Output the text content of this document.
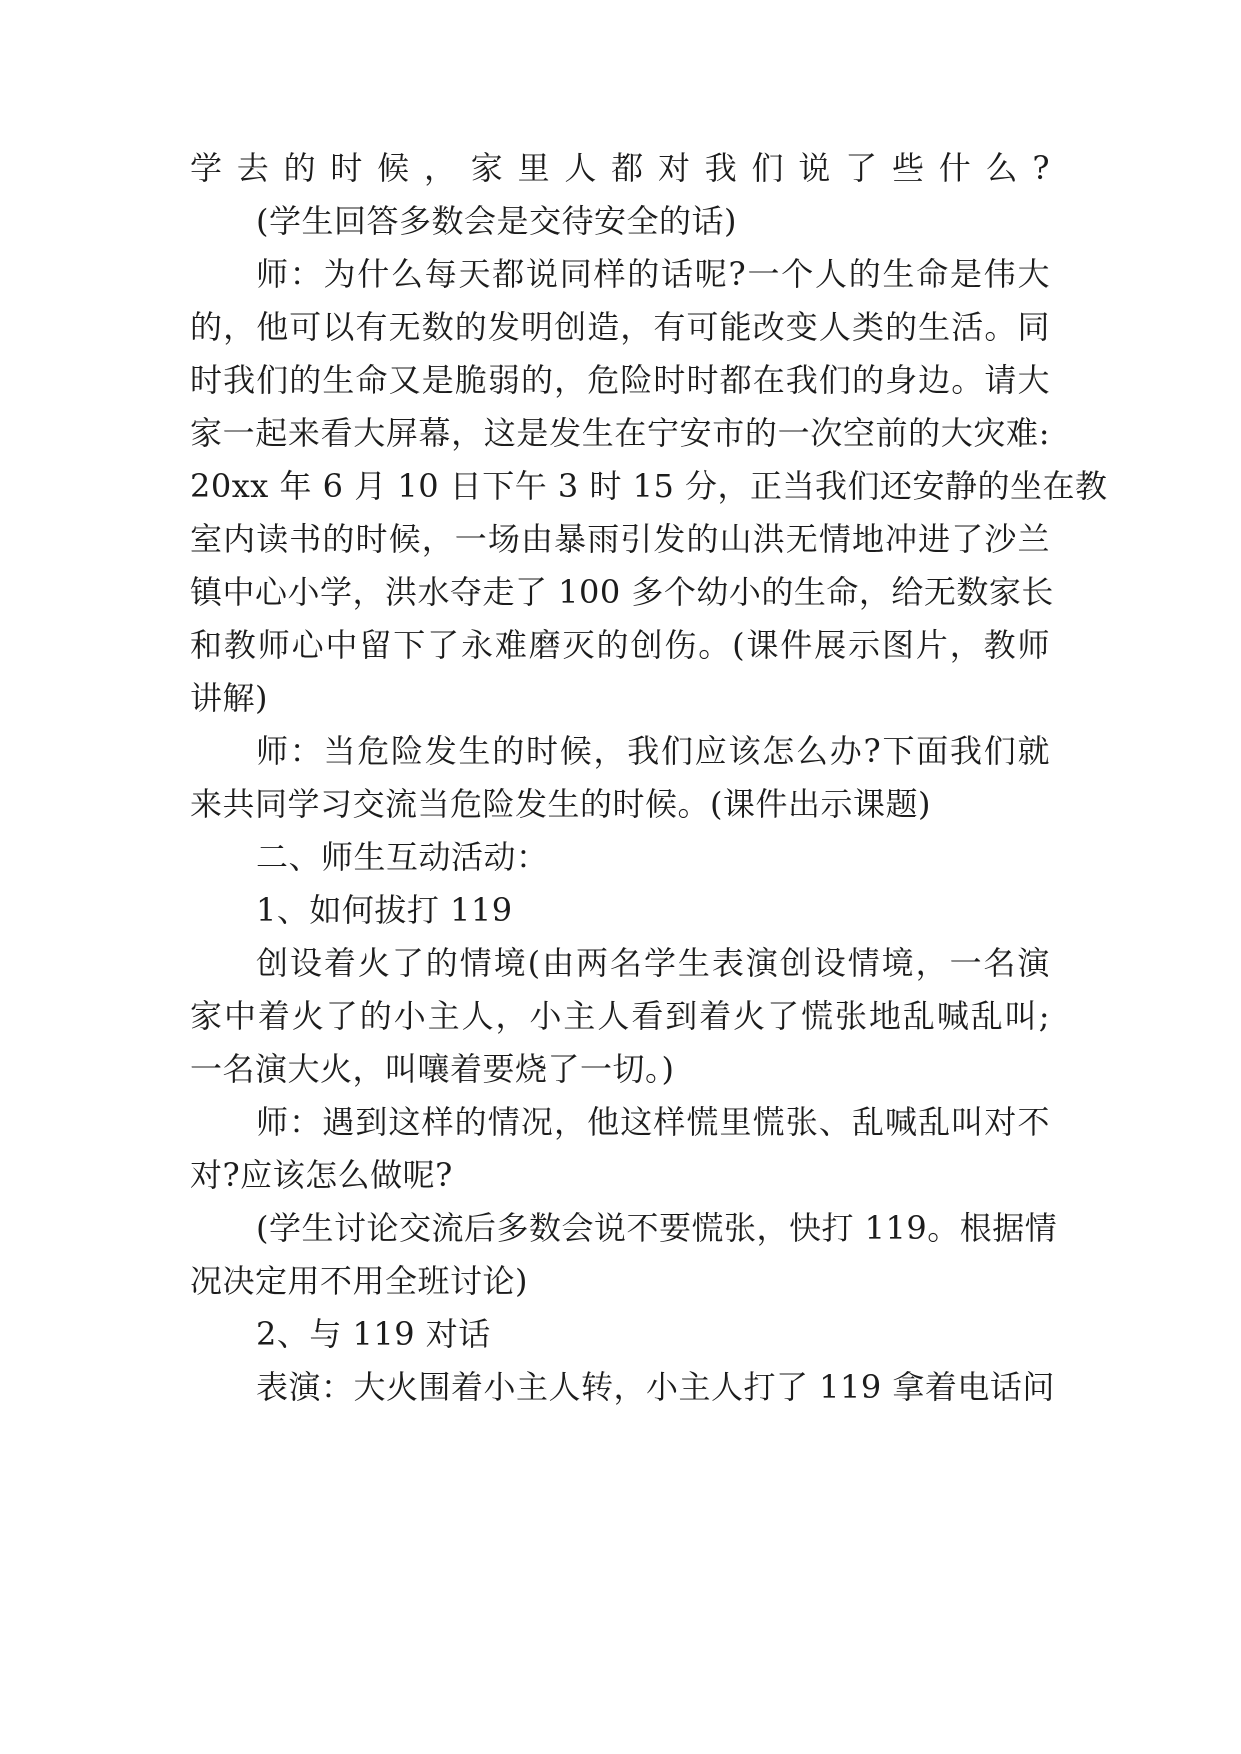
学去的时候，家里人都对我们说了些什么?
(学生回答多数会是交待安全的话)
师：为什么每天都说同样的话呢?一个人的生命是伟大
的，他可以有无数的发明创造，有可能改变人类的生活。同
时我们的生命又是脆弱的，危险时时都在我们的身边。请大
家一起来看大屏幕，这是发生在宁安市的一次空前的大灾难:
20xx 年 6 月 10 日下午 3 时 15 分，正当我们还安静的坐在教
室内读书的时候，一场由暴雨引发的山洪无情地冲进了沙兰
镇中心小学，洪水夺走了 100 多个幼小的生命，给无数家长
和教师心中留下了永难磨灭的创伤。(课件展示图片，教师
讲解)
师：当危险发生的时候，我们应该怎么办?下面我们就
来共同学习交流当危险发生的时候。(课件出示课题)
二、师生互动活动：
1、如何拔打 119
创设着火了的情境(由两名学生表演创设情境，一名演
家中着火了的小主人，小主人看到着火了慌张地乱喊乱叫;
一名演大火，叫嚷着要烧了一切。)
师：遇到这样的情况，他这样慌里慌张、乱喊乱叫对不
对?应该怎么做呢?
(学生讨论交流后多数会说不要慌张，快打 119。根据情
况决定用不用全班讨论)
2、与 119 对话
表演：大火围着小主人转，小主人打了 119 拿着电话问
